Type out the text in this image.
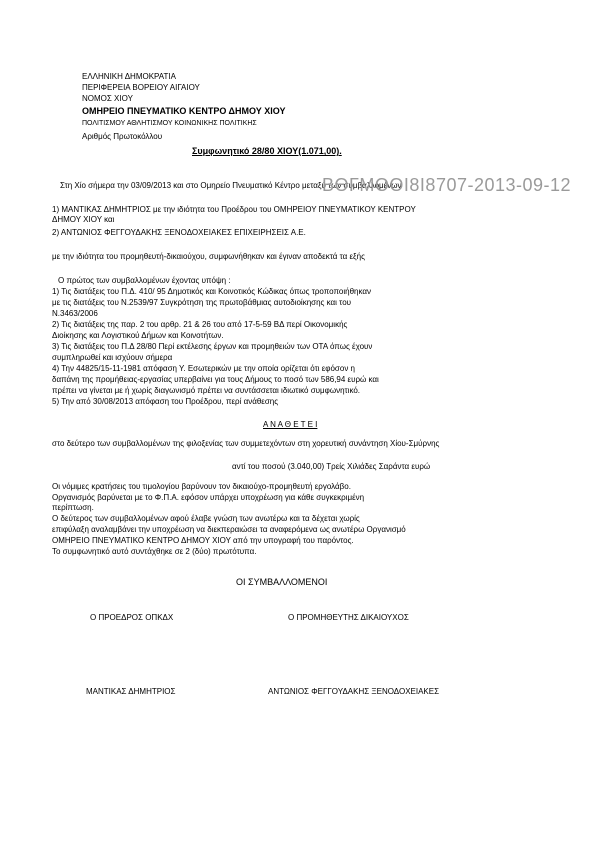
ΕΛΛΗΝΙΚΗ ΔΗΜΟΚΡΑΤΙΑ
ΠΕΡΙΦΕΡΕΙΑ ΒΟΡΕΙΟΥ ΑΙΓΑΙΟΥ
ΝΟΜΟΣ ΧΙΟΥ
ΟΜΗΡΕΙΟ ΠΝΕΥΜΑΤΙΚΟ ΚΕΝΤΡΟ ΔΗΜΟΥ ΧΙΟΥ
ΠΟΛΙΤΙΣΜΟΥ ΑΘΛΗΤΙΣΜΟΥ ΚΟΙΝΩΝΙΚΗΣ ΠΟΛΙΤΙΚΗΣ
Αριθμός Πρωτοκόλλου
Συμφωνητικό 28/80 ΧΙΟΥ(1.071,00).
Στη Χίο σήμερα την 03/09/2013 και στο Ομηρείο Πνευματικό Κέντρο μεταξύ των συμβαλλομένων
ΒΘΓΜΟΟΙ8Ι8707-2013-09-12
1) ΜΑΝΤΙΚΑΣ ΔΗΜΗΤΡΙΟΣ με την ιδιότητα του Προέδρου του ΟΜΗΡΕΙΟΥ ΠΝΕΥΜΑΤΙΚΟΥ ΚΕΝΤΡΟΥ
ΔΗΜΟΥ ΧΙΟΥ και
2) ΑΝΤΩΝΙΟΣ ΦΕΓΓΟΥΔΑΚΗΣ ΞΕΝΟΔΟΧΕΙΑΚΕΣ ΕΠΙΧΕΙΡΗΣΕΙΣ Α.Ε.
με την ιδιότητα του προμηθευτή-δικαιούχου, συμφωνήθηκαν και έγιναν αποδεκτά τα εξής
Ο πρώτος των συμβαλλομένων έχοντας υπόψη :
1) Τις διατάξεις του Π.Δ. 410/ 95 Δημοτικός και Κοινοτικός Κώδικας όπως τροποποιήθηκαν
με τις διατάξεις του Ν.2539/97 Συγκρότηση της πρωτοβάθμιας αυτοδιοίκησης και του
Ν.3463/2006
2) Τις διατάξεις της παρ. 2 του αρθρ. 21 & 26 του από 17-5-59 ΒΔ περί Οικονομικής
Διοίκησης και Λογιστικού Δήμων και Κοινοτήτων.
3) Τις διατάξεις του Π.Δ 28/80 Περί εκτέλεσης έργων και προμηθειών των ΟΤΑ όπως έχουν
συμπληρωθεί και ισχύουν σήμερα
4) Την 44825/15-11-1981 απόφαση Υ. Εσωτερικών με την οποία ορίζεται ότι εφόσον η
δαπάνη της προμήθειας-εργασίας υπερβαίνει για τους Δήμους το ποσό των 586,94 ευρώ και
πρέπει να γίνεται με ή χωρίς διαγωνισμό πρέπει να συντάσσεται ιδιωτικό συμφωνητικό.
5) Την από 30/08/2013 απόφαση του Προέδρου, περί ανάθεσης
Α Ν Α Θ Ε Τ Ε Ι
στο δεύτερο των συμβαλλομένων της φιλοξενίας των συμμετεχόντων στη χορευτική συνάντηση Χίου-Σμύρνης
αντί του ποσού (3.040,00) Τρείς Χιλιάδες Σαράντα ευρώ
Οι νόμιμες κρατήσεις του τιμολογίου βαρύνουν τον δικαιούχο-προμηθευτή εργολάβο.
Οργανισμός βαρύνεται με το Φ.Π.Α. εφόσον υπάρχει υποχρέωση για κάθε συγκεκριμένη
περίπτωση.
Ο δεύτερος των συμβαλλομένων αφού έλαβε γνώση των ανωτέρω και τα δέχεται χωρίς
επιφύλαξη αναλαμβάνει την υποχρέωση να διεκπεραιώσει τα αναφερόμενα ως ανωτέρω Οργανισμό
ΟΜΗΡΕΙΟ ΠΝΕΥΜΑΤΙΚΟ ΚΕΝΤΡΟ ΔΗΜΟΥ ΧΙΟΥ από την υπογραφή του παρόντος.
Το συμφωνητικό αυτό συντάχθηκε σε 2 (δύο) πρωτότυπα.
ΟΙ ΣΥΜΒΑΛΛΟΜΕΝΟΙ
Ο ΠΡΟΕΔΡΟΣ ΟΠΚΔΧ	Ο ΠΡΟΜΗΘΕΥΤΗΣ ΔΙΚΑΙΟΥΧΟΣ
ΜΑΝΤΙΚΑΣ ΔΗΜΗΤΡΙΟΣ	ΑΝΤΩΝΙΟΣ ΦΕΓΓΟΥΔΑΚΗΣ ΞΕΝΟΔΟΧΕΙΑΚΕΣ
